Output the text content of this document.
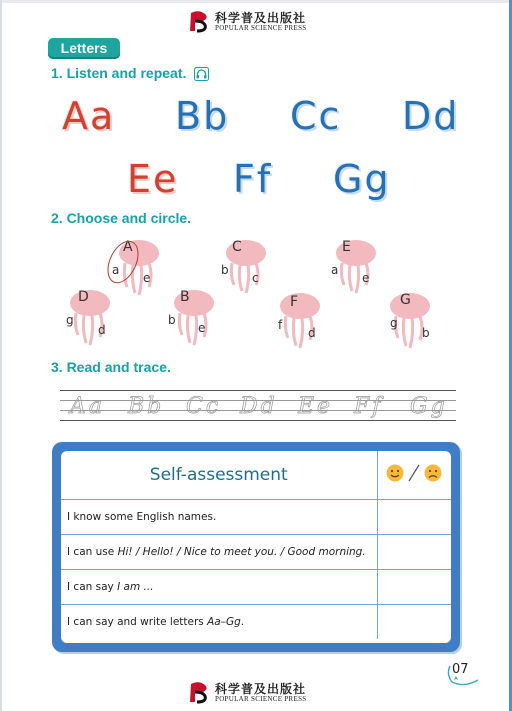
科学普及出版社
POPULAR SCIENCE PRESS
Letters
1. Listen and repeat.
Aa Bb Cc Dd
Ee Ff Gg
2. Choose and circle.
A
a
e
C
b
c
E
a
e
D
g
d
B
b
e
F
f
d
G
g
b
3. Read and trace.
Aa Bb Cc Dd Ee Ff Gg
Self-assessment	
I know some English names.	
I can use Hi! / Hello! / Nice to meet you. / Good morning.	
I can say I am ...	
I can say and write letters Aa–Gg.	
07
科学普及出版社
POPULAR SCIENCE PRESS
